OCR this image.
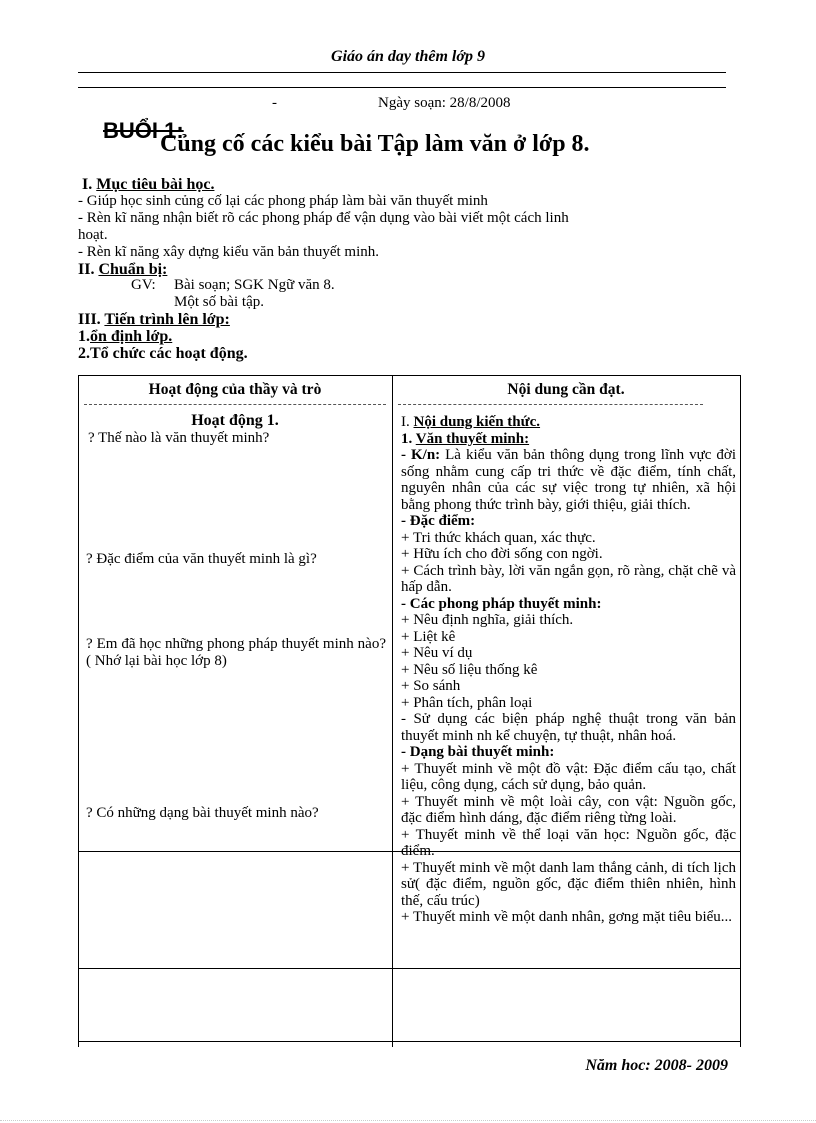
Giáo án day thêm lớp 9
-	Ngày soạn: 28/8/2008
BUỔI 1:
Củng cố các kiểu bài Tập làm văn ở lớp 8.
I. Mục tiêu bài học.
- Giúp học sinh củng cố lại các phong pháp làm bài văn thuyết minh
- Rèn kĩ năng nhận biết rõ các phong pháp để vận dụng vào bài viết một cách linh
hoạt.
- Rèn kĩ năng xây dựng kiểu văn bản thuyết minh.
II. Chuẩn bị:
GV: Bài soạn; SGK Ngữ văn 8.
Một số bài tập.
III. Tiến trình lên lớp:
1.ổn định lớp.
2.Tổ chức các hoạt động.
Hoạt động của thầy và trò	Nội dung cần đạt.
Hoạt động 1.
? Thế nào là văn thuyết minh?
? Đặc điểm của văn thuyết minh là gì?
? Em đã học những phong pháp thuyết minh nào? ( Nhớ lại bài học lớp 8)
? Có những dạng bài thuyết minh nào?
I. Nội dung kiến thức.
1. Văn thuyết minh:
- K/n: Là kiểu văn bản thông dụng trong lĩnh vực đời sống nhằm cung cấp tri thức về đặc điểm, tính chất, nguyên nhân của các sự việc trong tự nhiên, xã hội bằng phong thức trình bày, giới thiệu, giải thích.
- Đặc điểm:
+ Tri thức khách quan, xác thực.
+ Hữu ích cho đời sống con ngời.
+ Cách trình bày, lời văn ngắn gọn, rõ ràng, chặt chẽ và hấp dẫn.
- Các phong pháp thuyết minh:
+ Nêu định nghĩa, giải thích.
+ Liệt kê
+ Nêu ví dụ
+ Nêu số liệu thống kê
+ So sánh
+ Phân tích, phân loại
- Sử dụng các biện pháp nghệ thuật trong văn bản thuyết minh nh kể chuyện, tự thuật, nhân hoá.
- Dạng bài thuyết minh:
+ Thuyết minh về một đồ vật: Đặc điểm cấu tạo, chất liệu, công dụng, cách sử dụng, bảo quản.
+ Thuyết minh về một loài cây, con vật: Nguồn gốc, đặc điểm hình dáng, đặc điểm riêng từng loài.
+ Thuyết minh về thể loại văn học: Nguồn gốc, đặc điểm.
+ Thuyết minh về một danh lam thắng cảnh, di tích lịch sử( đặc điểm, nguồn gốc, đặc điểm thiên nhiên, hình thế, cấu trúc)
+ Thuyết minh về một danh nhân, gơng mặt tiêu biểu...
Năm hoc: 2008- 2009
